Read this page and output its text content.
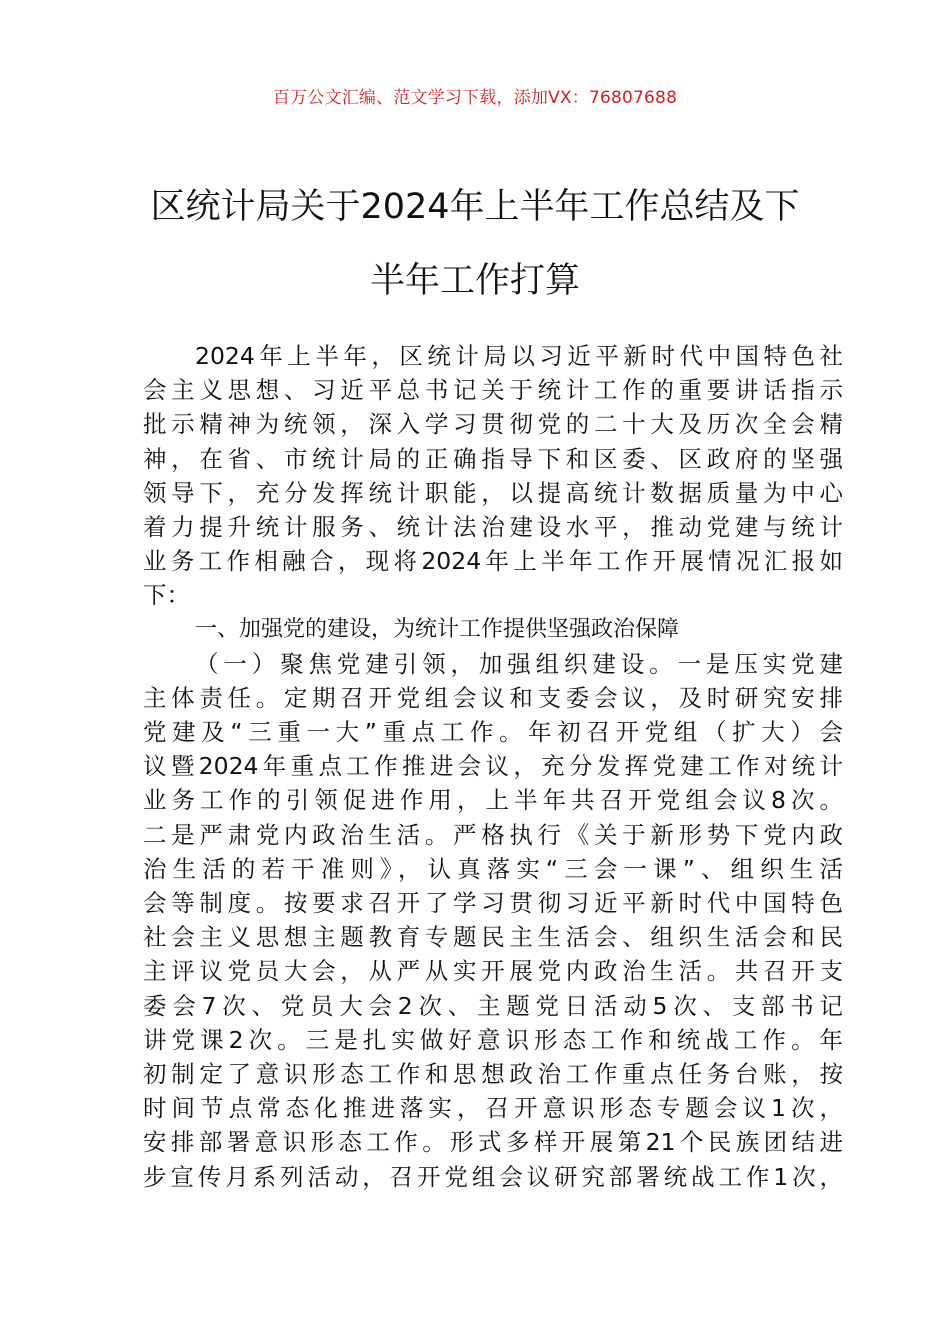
百万公文汇编、范文学习下载，添加VX：76807688
区统计局关于2024年上半年工作总结及下
半年工作打算
2024年上半年，区统计局以习近平新时代中国特色社
会主义思想、习近平总书记关于统计工作的重要讲话指示
批示精神为统领，深入学习贯彻党的二十大及历次全会精
神，在省、市统计局的正确指导下和区委、区政府的坚强
领导下，充分发挥统计职能，以提高统计数据质量为中心
着力提升统计服务、统计法治建设水平，推动党建与统计
业务工作相融合，现将2024年上半年工作开展情况汇报如
下：
一、加强党的建设，为统计工作提供坚强政治保障
（一）聚焦党建引领，加强组织建设。一是压实党建
主体责任。定期召开党组会议和支委会议，及时研究安排
党建及“三重一大”重点工作。年初召开党组（扩大）会
议暨2024年重点工作推进会议，充分发挥党建工作对统计
业务工作的引领促进作用，上半年共召开党组会议8次。
二是严肃党内政治生活。严格执行《关于新形势下党内政
治生活的若干准则》，认真落实“三会一课”、组织生活
会等制度。按要求召开了学习贯彻习近平新时代中国特色
社会主义思想主题教育专题民主生活会、组织生活会和民
主评议党员大会，从严从实开展党内政治生活。共召开支
委会7次、党员大会2次、主题党日活动5次、支部书记
讲党课2次。三是扎实做好意识形态工作和统战工作。年
初制定了意识形态工作和思想政治工作重点任务台账，按
时间节点常态化推进落实，召开意识形态专题会议1次，
安排部署意识形态工作。形式多样开展第21个民族团结进
步宣传月系列活动，召开党组会议研究部署统战工作1次，
